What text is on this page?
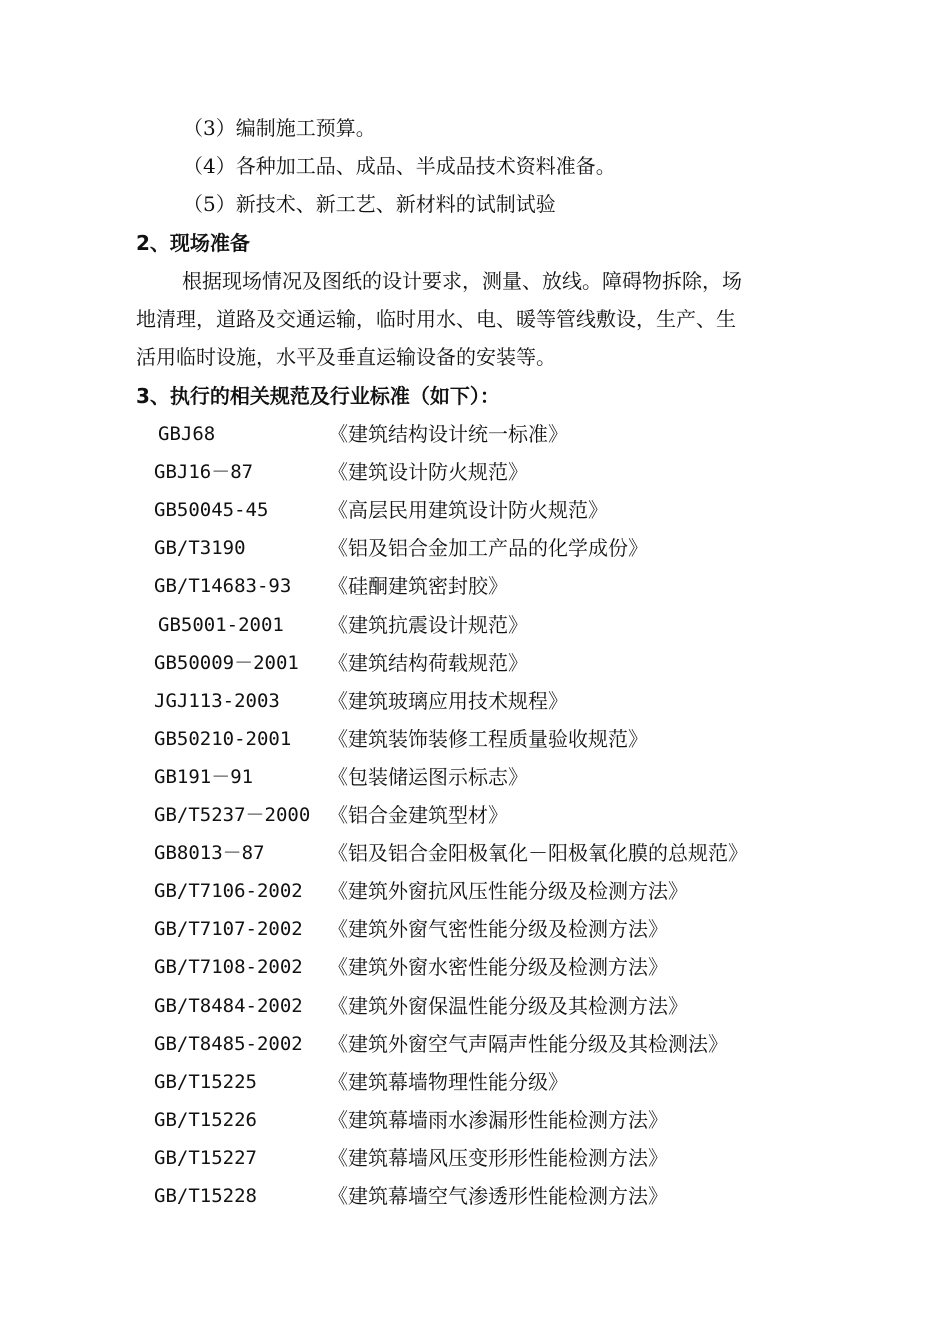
（3）编制施工预算。
（4）各种加工品、成品、半成品技术资料准备。
（5）新技术、新工艺、新材料的试制试验
2、现场准备
根据现场情况及图纸的设计要求，测量、放线。障碍物拆除，场
地清理，道路及交通运输，临时用水、电、暖等管线敷设，生产、生
活用临时设施，水平及垂直运输设备的安装等。
3、执行的相关规范及行业标准（如下）：
GBJ68	《建筑结构设计统一标准》
GBJ16－87	《建筑设计防火规范》
GB50045-45	《高层民用建筑设计防火规范》
GB/T3190	《铝及铝合金加工产品的化学成份》
GB/T14683-93 《硅酮建筑密封胶》
GB5001-2001 《建筑抗震设计规范》
GB50009－2001 《建筑结构荷载规范》
JGJ113-2003 《建筑玻璃应用技术规程》
GB50210-2001 《建筑装饰装修工程质量验收规范》
GB191－91	《包装储运图示标志》
GB/T5237－2000 《铝合金建筑型材》
GB8013－87	《铝及铝合金阳极氧化－阳极氧化膜的总规范》
GB/T7106-2002 《建筑外窗抗风压性能分级及检测方法》
GB/T7107-2002 《建筑外窗气密性能分级及检测方法》
GB/T7108-2002 《建筑外窗水密性能分级及检测方法》
GB/T8484-2002 《建筑外窗保温性能分级及其检测方法》
GB/T8485-2002 《建筑外窗空气声隔声性能分级及其检测法》
GB/T15225	《建筑幕墙物理性能分级》
GB/T15226	《建筑幕墙雨水渗漏形性能检测方法》
GB/T15227	《建筑幕墙风压变形形性能检测方法》
GB/T15228	《建筑幕墙空气渗透形性能检测方法》
